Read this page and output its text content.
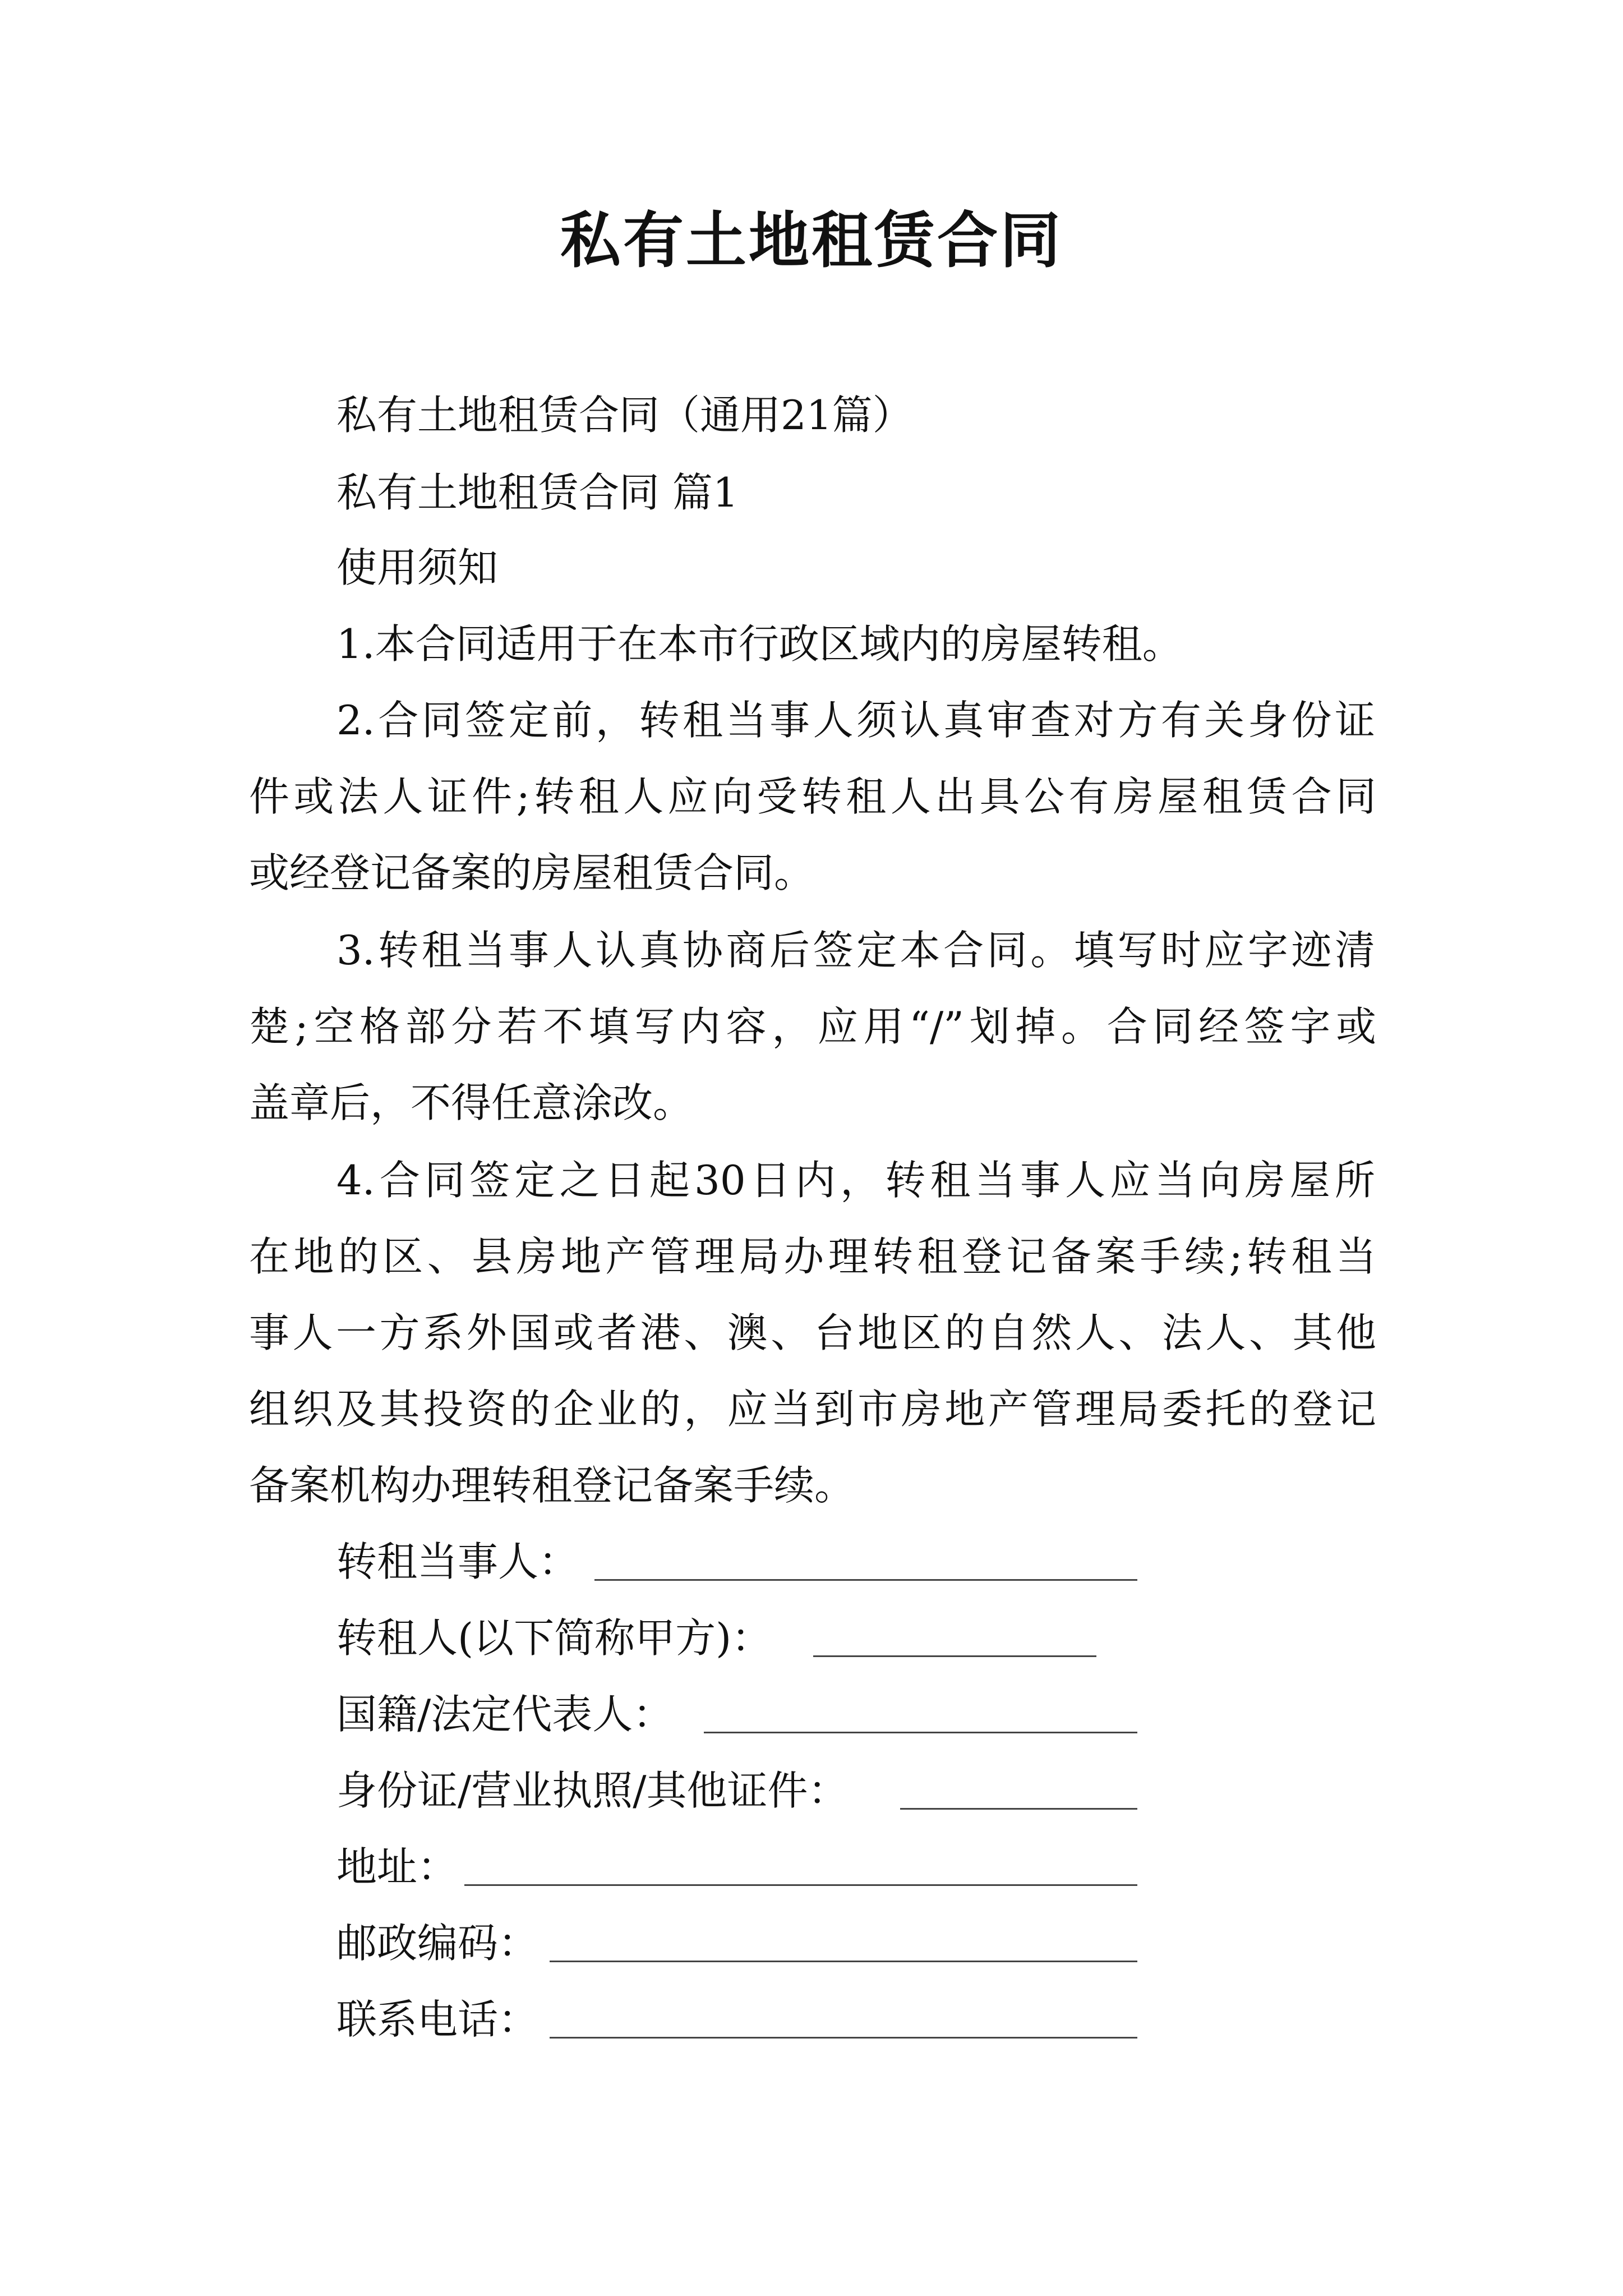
私有土地租赁合同
私有土地租赁合同（通用21篇）
私有土地租赁合同 篇1
使用须知
1.本合同适用于在本市行政区域内的房屋转租。
2.合同签定前，转租当事人须认真审查对方有关身份证
件或法人证件;转租人应向受转租人出具公有房屋租赁合同
或经登记备案的房屋租赁合同。
3.转租当事人认真协商后签定本合同。填写时应字迹清
楚;空格部分若不填写内容，应用“/”划掉。合同经签字或
盖章后，不得任意涂改。
4.合同签定之日起30日内，转租当事人应当向房屋所
在地的区、县房地产管理局办理转租登记备案手续;转租当
事人一方系外国或者港、澳、台地区的自然人、法人、其他
组织及其投资的企业的，应当到市房地产管理局委托的登记
备案机构办理转租登记备案手续。
转租当事人：
转租人(以下简称甲方)：
国籍/法定代表人：
身份证/营业执照/其他证件：
地址：
邮政编码：
联系电话：
